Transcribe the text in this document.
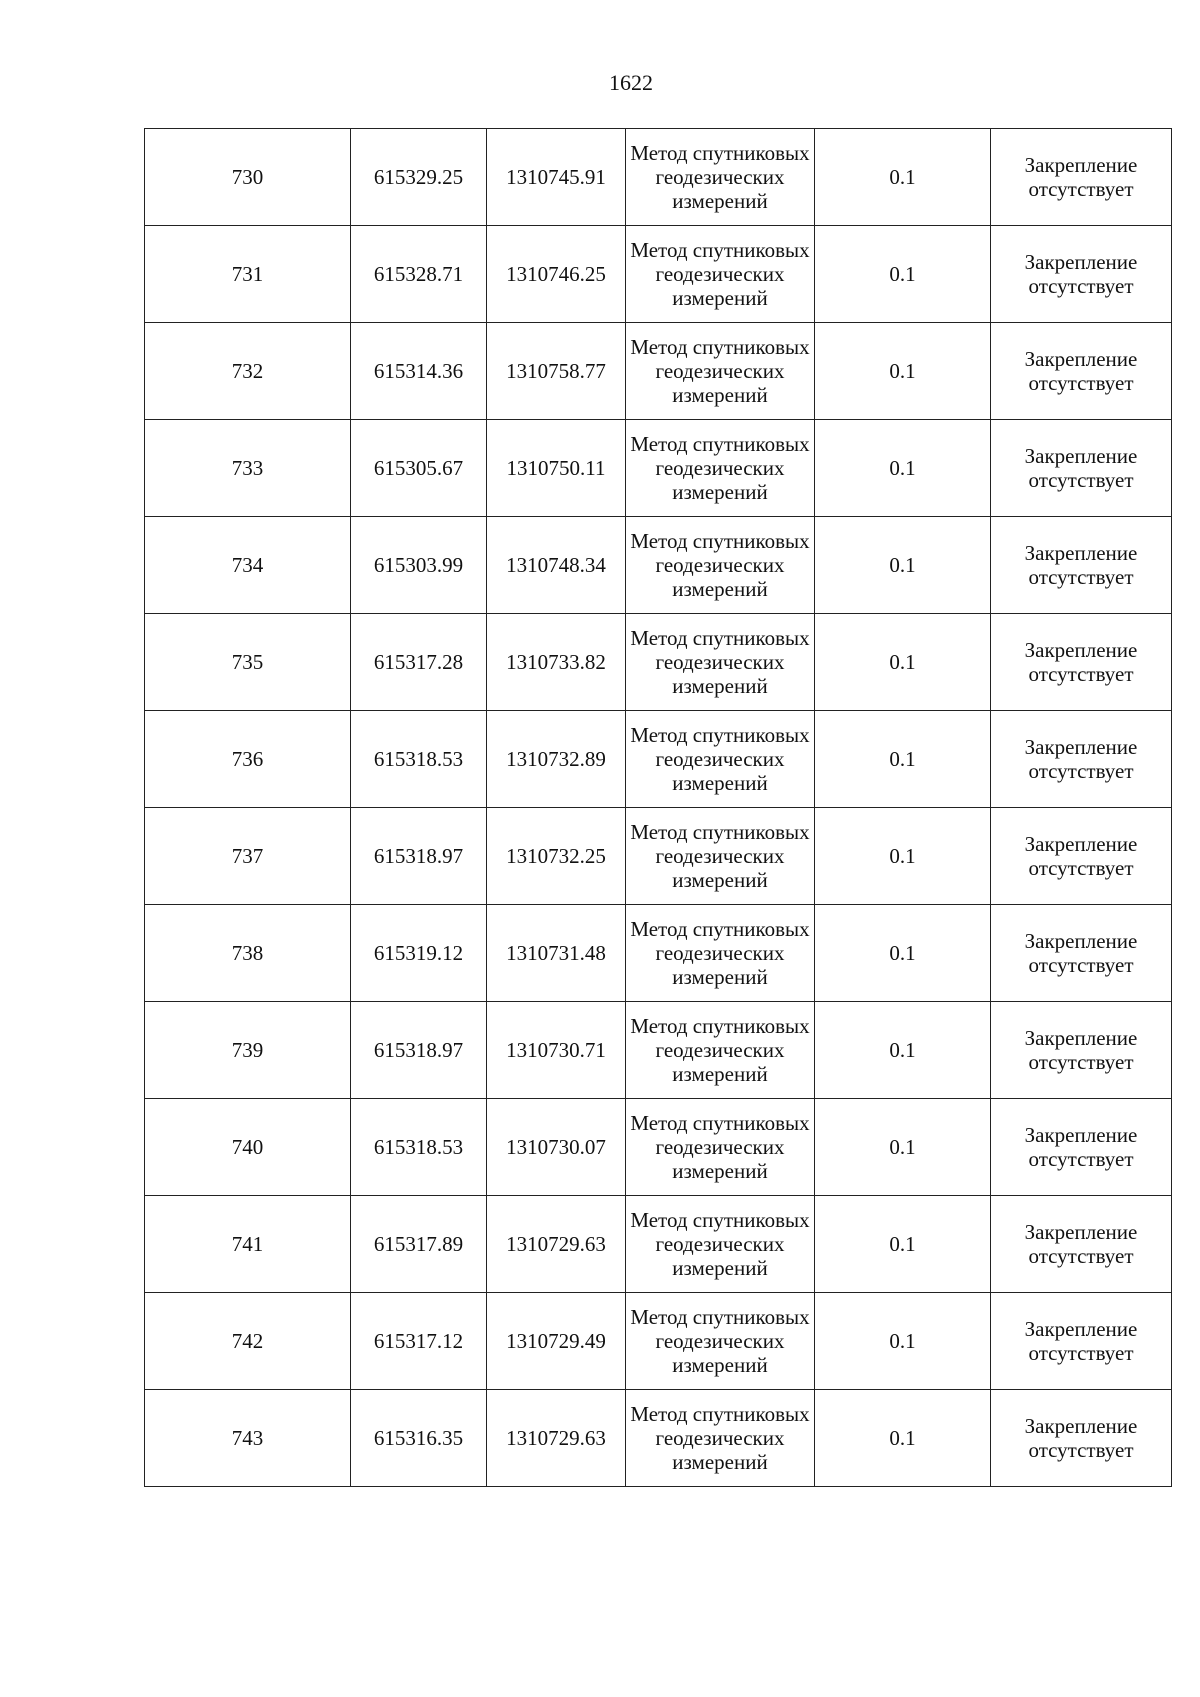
1622
730	615329.25	1310745.91	Метод спутниковых геодезических измерений	0.1	Закрепление отсутствует
731	615328.71	1310746.25	Метод спутниковых геодезических измерений	0.1	Закрепление отсутствует
732	615314.36	1310758.77	Метод спутниковых геодезических измерений	0.1	Закрепление отсутствует
733	615305.67	1310750.11	Метод спутниковых геодезических измерений	0.1	Закрепление отсутствует
734	615303.99	1310748.34	Метод спутниковых геодезических измерений	0.1	Закрепление отсутствует
735	615317.28	1310733.82	Метод спутниковых геодезических измерений	0.1	Закрепление отсутствует
736	615318.53	1310732.89	Метод спутниковых геодезических измерений	0.1	Закрепление отсутствует
737	615318.97	1310732.25	Метод спутниковых геодезических измерений	0.1	Закрепление отсутствует
738	615319.12	1310731.48	Метод спутниковых геодезических измерений	0.1	Закрепление отсутствует
739	615318.97	1310730.71	Метод спутниковых геодезических измерений	0.1	Закрепление отсутствует
740	615318.53	1310730.07	Метод спутниковых геодезических измерений	0.1	Закрепление отсутствует
741	615317.89	1310729.63	Метод спутниковых геодезических измерений	0.1	Закрепление отсутствует
742	615317.12	1310729.49	Метод спутниковых геодезических измерений	0.1	Закрепление отсутствует
743	615316.35	1310729.63	Метод спутниковых геодезических измерений	0.1	Закрепление отсутствует
